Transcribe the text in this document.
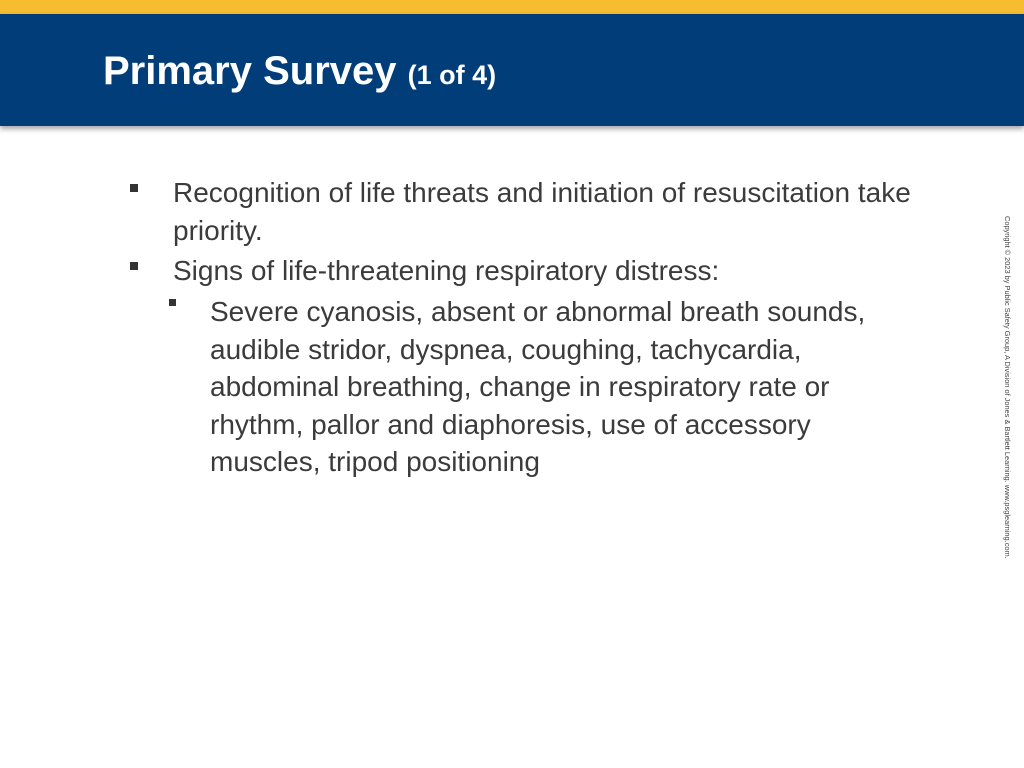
Primary Survey (1 of 4)
Recognition of life threats and initiation of resuscitation take priority.
Signs of life-threatening respiratory distress:
Severe cyanosis, absent or abnormal breath sounds, audible stridor, dyspnea, coughing, tachycardia, abdominal breathing, change in respiratory rate or rhythm, pallor and diaphoresis, use of accessory muscles, tripod positioning	Copyright © 2023 by Public Safety Group, A Division of Jones & Bartlett Learning. www.psglearning.com.
